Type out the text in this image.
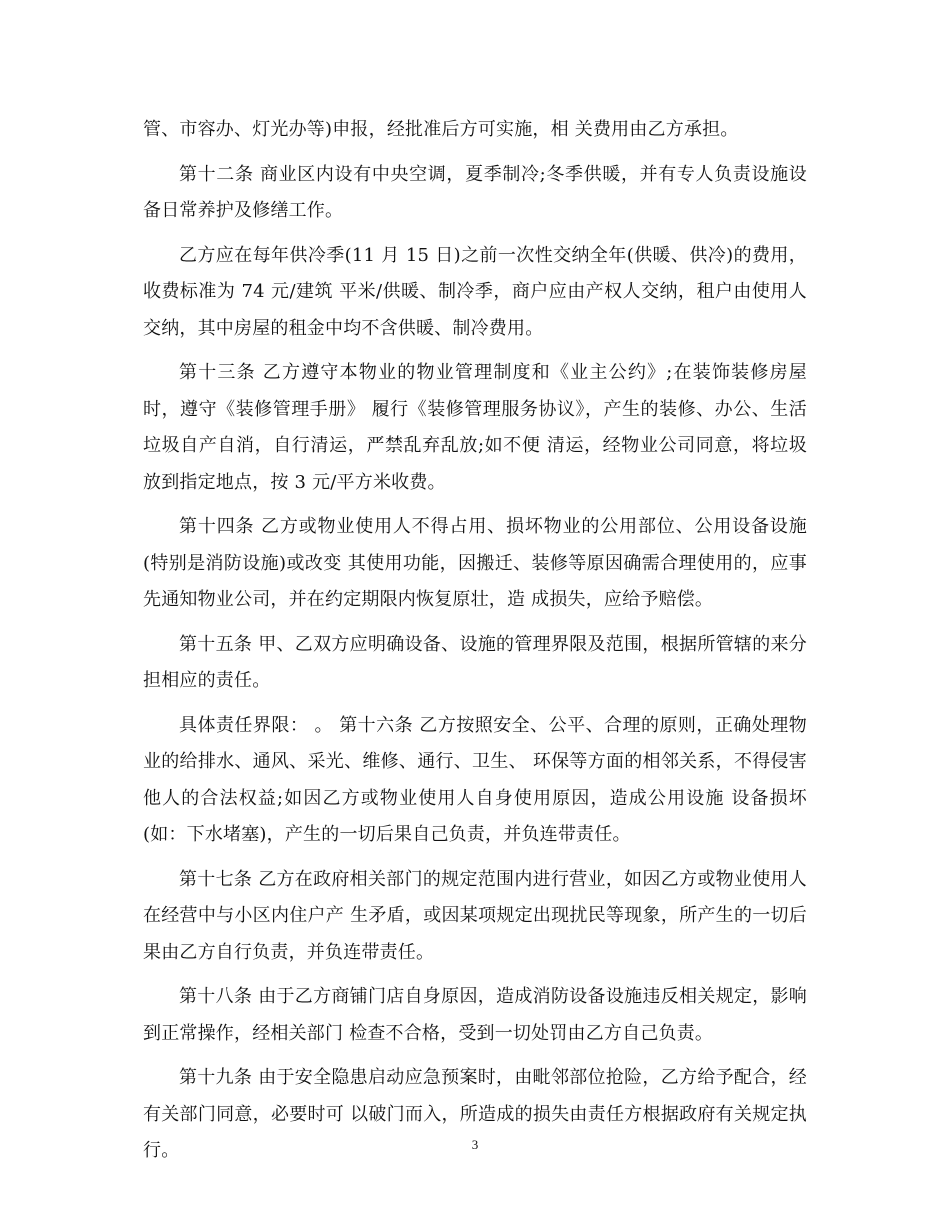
管、市容办、灯光办等)申报，经批准后方可实施，相 关费用由乙方承担。

第十二条 商业区内设有中央空调，夏季制冷;冬季供暖，并有专人负责设施设备日常养护及修缮工作。

乙方应在每年供冷季(11 月 15 日)之前一次性交纳全年(供暖、供冷)的费用，收费标准为 74 元/建筑 平米/供暖、制冷季，商户应由产权人交纳，租户由使用人交纳，其中房屋的租金中均不含供暖、制冷费用。

第十三条 乙方遵守本物业的物业管理制度和《业主公约》;在装饰装修房屋时，遵守《装修管理手册》 履行《装修管理服务协议》，产生的装修、办公、生活垃圾自产自消，自行清运，严禁乱弃乱放;如不便 清运，经物业公司同意，将垃圾放到指定地点，按 3 元/平方米收费。

第十四条 乙方或物业使用人不得占用、损坏物业的公用部位、公用设备设施(特别是消防设施)或改变 其使用功能，因搬迁、装修等原因确需合理使用的，应事先通知物业公司，并在约定期限内恢复原壮，造 成损失，应给予赔偿。

第十五条 甲、乙双方应明确设备、设施的管理界限及范围，根据所管辖的来分担相应的责任。

具体责任界限： 。 第十六条 乙方按照安全、公平、合理的原则，正确处理物业的给排水、通风、采光、维修、通行、卫生、 环保等方面的相邻关系，不得侵害他人的合法权益;如因乙方或物业使用人自身使用原因，造成公用设施 设备损坏(如：下水堵塞)，产生的一切后果自己负责，并负连带责任。

第十七条 乙方在政府相关部门的规定范围内进行营业，如因乙方或物业使用人在经营中与小区内住户产 生矛盾，或因某项规定出现扰民等现象，所产生的一切后果由乙方自行负责，并负连带责任。

第十八条 由于乙方商铺门店自身原因，造成消防设备设施违反相关规定，影响到正常操作，经相关部门 检查不合格，受到一切处罚由乙方自己负责。

第十九条 由于安全隐患启动应急预案时，由毗邻部位抢险，乙方给予配合，经有关部门同意，必要时可 以破门而入，所造成的损失由责任方根据政府有关规定执行。	3
